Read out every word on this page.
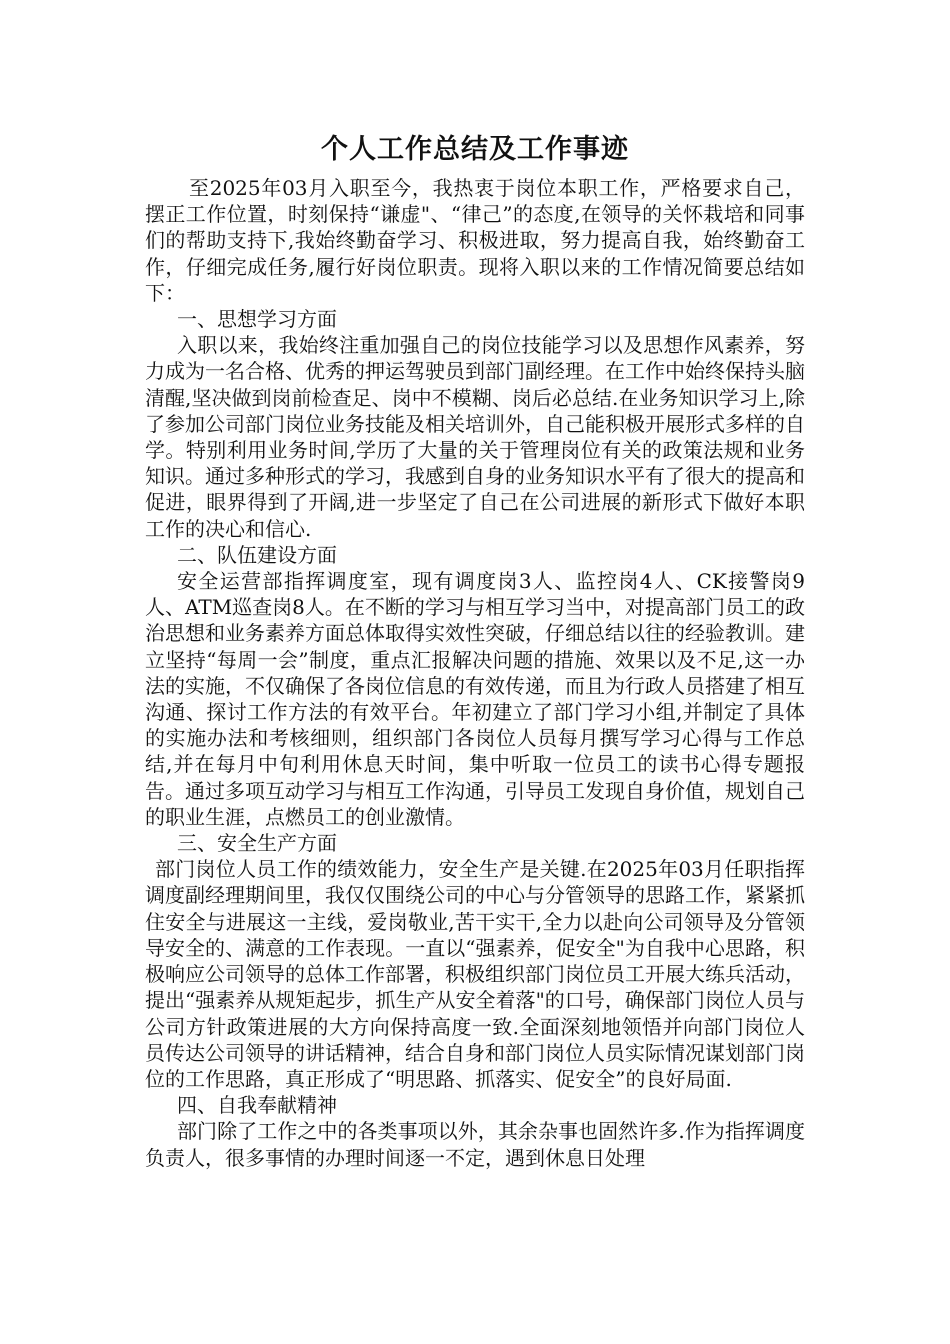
个人工作总结及工作事迹

至2025年03月入职至今，我热衷于岗位本职工作，严格要求自己，摆正工作位置，时刻保持“谦虚"、“律己”的态度,在领导的关怀栽培和同事们的帮助支持下,我始终勤奋学习、积极进取，努力提高自我，始终勤奋工作，仔细完成任务,履行好岗位职责。现将入职以来的工作情况简要总结如下：

一、思想学习方面

入职以来，我始终注重加强自己的岗位技能学习以及思想作风素养，努力成为一名合格、优秀的押运驾驶员到部门副经理。在工作中始终保持头脑清醒,坚决做到岗前检查足、岗中不模糊、岗后必总结.在业务知识学习上,除了参加公司部门岗位业务技能及相关培训外，自己能积极开展形式多样的自学。特别利用业务时间,学历了大量的关于管理岗位有关的政策法规和业务知识。通过多种形式的学习，我感到自身的业务知识水平有了很大的提高和促进，眼界得到了开阔,进一步坚定了自己在公司进展的新形式下做好本职工作的决心和信心.

二、队伍建设方面

安全运营部指挥调度室，现有调度岗3人、监控岗4人、CK接警岗9人、ATM巡查岗8人。在不断的学习与相互学习当中，对提高部门员工的政治思想和业务素养方面总体取得实效性突破，仔细总结以往的经验教训。建立坚持“每周一会”制度，重点汇报解决问题的措施、效果以及不足,这一办法的实施，不仅确保了各岗位信息的有效传递，而且为行政人员搭建了相互沟通、探讨工作方法的有效平台。年初建立了部门学习小组,并制定了具体的实施办法和考核细则，组织部门各岗位人员每月撰写学习心得与工作总结,并在每月中旬利用休息天时间，集中听取一位员工的读书心得专题报告。通过多项互动学习与相互工作沟通，引导员工发现自身价值，规划自己的职业生涯，点燃员工的创业激情。

三、安全生产方面

部门岗位人员工作的绩效能力，安全生产是关键.在2025年03月任职指挥调度副经理期间里，我仅仅围绕公司的中心与分管领导的思路工作，紧紧抓住安全与进展这一主线，爱岗敬业,苦干实干,全力以赴向公司领导及分管领导安全的、满意的工作表现。一直以“强素养，促安全"为自我中心思路，积极响应公司领导的总体工作部署，积极组织部门岗位员工开展大练兵活动，提出“强素养从规矩起步，抓生产从安全着落"的口号，确保部门岗位人员与公司方针政策进展的大方向保持高度一致.全面深刻地领悟并向部门岗位人员传达公司领导的讲话精神，结合自身和部门岗位人员实际情况谋划部门岗位的工作思路，真正形成了“明思路、抓落实、促安全”的良好局面.

四、自我奉献精神

部门除了工作之中的各类事项以外，其余杂事也固然许多.作为指挥调度负责人，很多事情的办理时间逐一不定，遇到休息日处理
